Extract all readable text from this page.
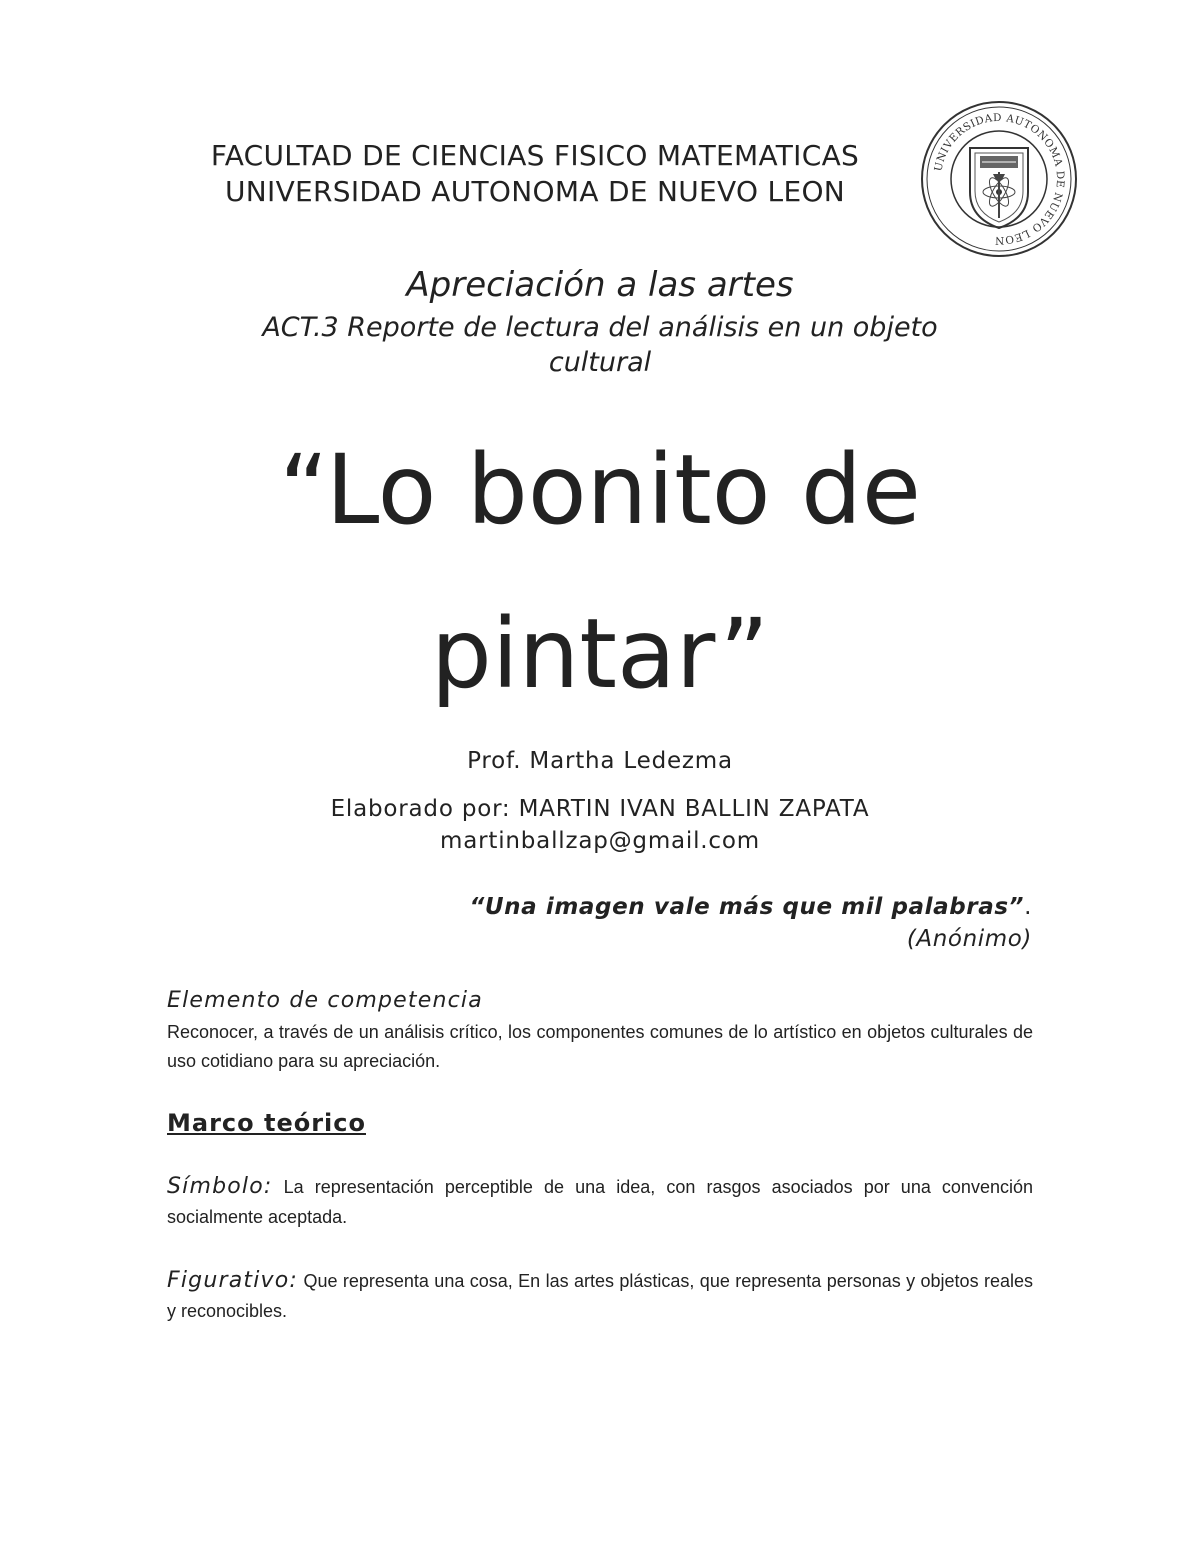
FACULTAD DE CIENCIAS FISICO MATEMATICAS
UNIVERSIDAD AUTONOMA DE NUEVO LEON
UNIVERSIDAD AUTONOMA DE NUEVO LEON
Apreciación a las artes
ACT.3 Reporte de lectura del análisis en un objeto
cultural
“Lo bonito de
pintar”
Prof. Martha Ledezma
Elaborado por: MARTIN IVAN BALLIN ZAPATA
martinballzap@gmail.com
“Una imagen vale más que mil palabras”.
(Anónimo)
Elemento de competencia
Reconocer, a través de un análisis crítico, los componentes comunes de lo artístico en objetos culturales de uso cotidiano para su apreciación.
Marco teórico
Símbolo: La representación perceptible de una idea, con rasgos asociados por una convención socialmente aceptada.
Figurativo: Que representa una cosa, En las artes plásticas, que representa personas y objetos reales y reconocibles.
